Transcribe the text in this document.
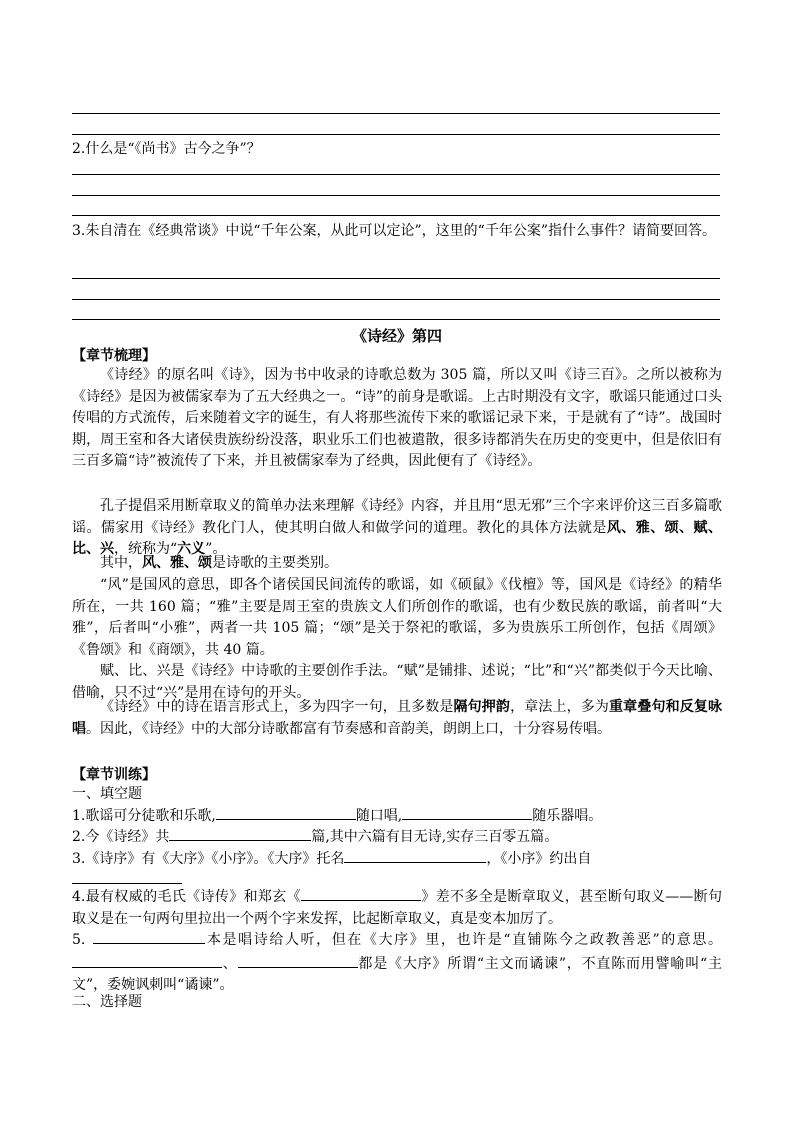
2.什么是“《尚书》古今之争”？
3.朱自清在《经典常谈》中说“千年公案，从此可以定论”，这里的“千年公案”指什么事件？请简要回答。
《诗经》第四
【章节梳理】
《诗经》的原名叫《诗》，因为书中收录的诗歌总数为 305 篇，所以又叫《诗三百》。之所以被称为《诗经》是因为被儒家奉为了五大经典之一。“诗”的前身是歌谣。上古时期没有文字，歌谣只能通过口头传唱的方式流传，后来随着文字的诞生，有人将那些流传下来的歌谣记录下来，于是就有了“诗”。战国时期，周王室和各大诸侯贵族纷纷没落，职业乐工们也被遣散，很多诗都消失在历史的变更中，但是依旧有三百多篇“诗”被流传了下来，并且被儒家奉为了经典，因此便有了《诗经》。
孔子提倡采用断章取义的简单办法来理解《诗经》内容，并且用“思无邪”三个字来评价这三百多篇歌谣。儒家用《诗经》教化门人，使其明白做人和做学问的道理。教化的具体方法就是风、雅、颂、赋、比、兴，统称为“六义”。
其中，风、雅、颂是诗歌的主要类别。
“风”是国风的意思，即各个诸侯国民间流传的歌谣，如《硕鼠》《伐檀》等，国风是《诗经》的精华所在，一共 160 篇；“雅”主要是周王室的贵族文人们所创作的歌谣，也有少数民族的歌谣，前者叫“大雅”，后者叫“小雅”，两者一共 105 篇；“颂”是关于祭祀的歌谣，多为贵族乐工所创作，包括《周颂》《鲁颂》和《商颂》，共 40 篇。
赋、比、兴是《诗经》中诗歌的主要创作手法。“赋”是铺排、述说；“比”和“兴”都类似于今天比喻、借喻，只不过“兴”是用在诗句的开头。
《诗经》中的诗在语言形式上，多为四字一句，且多数是隔句押韵，章法上，多为重章叠句和反复咏唱。因此，《诗经》中的大部分诗歌都富有节奏感和音韵美，朗朗上口，十分容易传唱。
【章节训练】
一、填空题
1.歌谣可分徒歌和乐歌,	随口唱,	随乐器唱。
2.今《诗经》共	篇,其中六篇有目无诗,实存三百零五篇。
3.《诗序》有《大序》《小序》。《大序》托名	，《小序》约出自
4.最有权威的毛氏《诗传》和郑玄《	》差不多全是断章取义，甚至断句取义——断句取义是在一句两句里拉出一个两个字来发挥，比起断章取义，真是变本加厉了。
5.	本是唱诗给人听，但在《大序》里，也许是“直铺陈今之政教善恶”的意思。、	都是《大序》所谓“主文而谲谏”，不直陈而用譬喻叫“主文”，委婉讽刺叫“谲谏”。
二、选择题
